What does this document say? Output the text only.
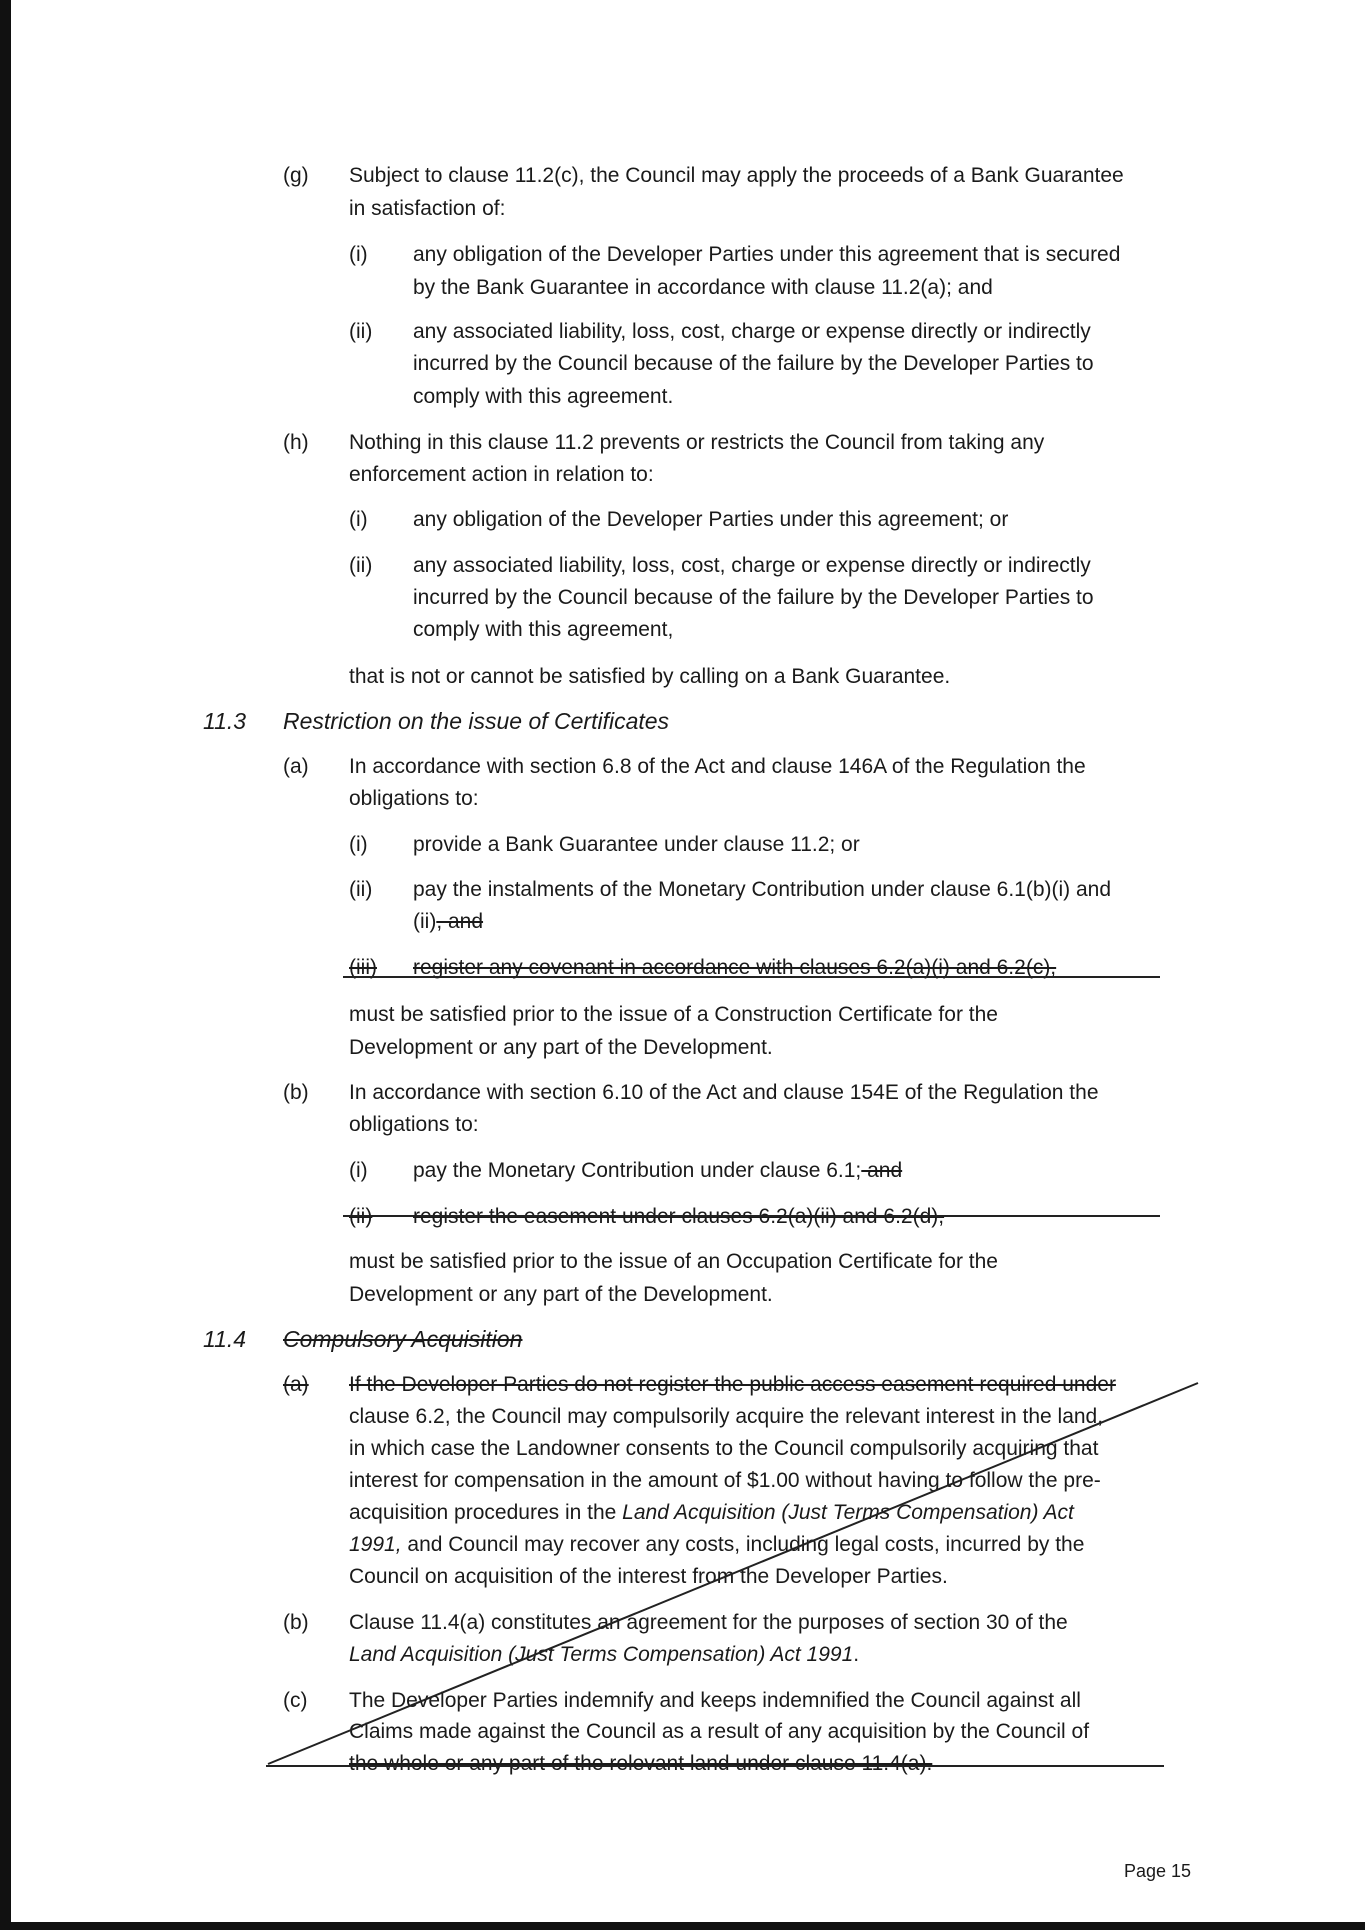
(g) Subject to clause 11.2(c), the Council may apply the proceeds of a Bank Guarantee
in satisfaction of:
(i) any obligation of the Developer Parties under this agreement that is secured
by the Bank Guarantee in accordance with clause 11.2(a); and
(ii) any associated liability, loss, cost, charge or expense directly or indirectly
incurred by the Council because of the failure by the Developer Parties to
comply with this agreement.
(h) Nothing in this clause 11.2 prevents or restricts the Council from taking any
enforcement action in relation to:
(i) any obligation of the Developer Parties under this agreement; or
(ii) any associated liability, loss, cost, charge or expense directly or indirectly
incurred by the Council because of the failure by the Developer Parties to
comply with this agreement,
that is not or cannot be satisfied by calling on a Bank Guarantee.
11.3 Restriction on the issue of Certificates
(a) In accordance with section 6.8 of the Act and clause 146A of the Regulation the
obligations to:
(i) provide a Bank Guarantee under clause 11.2; or
(ii) pay the instalments of the Monetary Contribution under clause 6.1(b)(i) and
(ii), and
(iii) register any covenant in accordance with clauses 6.2(a)(i) and 6.2(c),
must be satisfied prior to the issue of a Construction Certificate for the
Development or any part of the Development.
(b) In accordance with section 6.10 of the Act and clause 154E of the Regulation the
obligations to:
(i) pay the Monetary Contribution under clause 6.1; and
(ii) register the easement under clauses 6.2(a)(ii) and 6.2(d),
must be satisfied prior to the issue of an Occupation Certificate for the
Development or any part of the Development.
11.4 Compulsory Acquisition
(a) If the Developer Parties do not register the public access easement required under
clause 6.2, the Council may compulsorily acquire the relevant interest in the land,
in which case the Landowner consents to the Council compulsorily acquiring that
interest for compensation in the amount of $1.00 without having to follow the pre-
acquisition procedures in the Land Acquisition (Just Terms Compensation) Act
1991, and Council may recover any costs, including legal costs, incurred by the
Council on acquisition of the interest from the Developer Parties.
(b) Clause 11.4(a) constitutes an agreement for the purposes of section 30 of the
Land Acquisition (Just Terms Compensation) Act 1991.
(c) The Developer Parties indemnify and keeps indemnified the Council against all
Claims made against the Council as a result of any acquisition by the Council of
the whole or any part of the relevant land under clause 11.4(a).
Page 15
